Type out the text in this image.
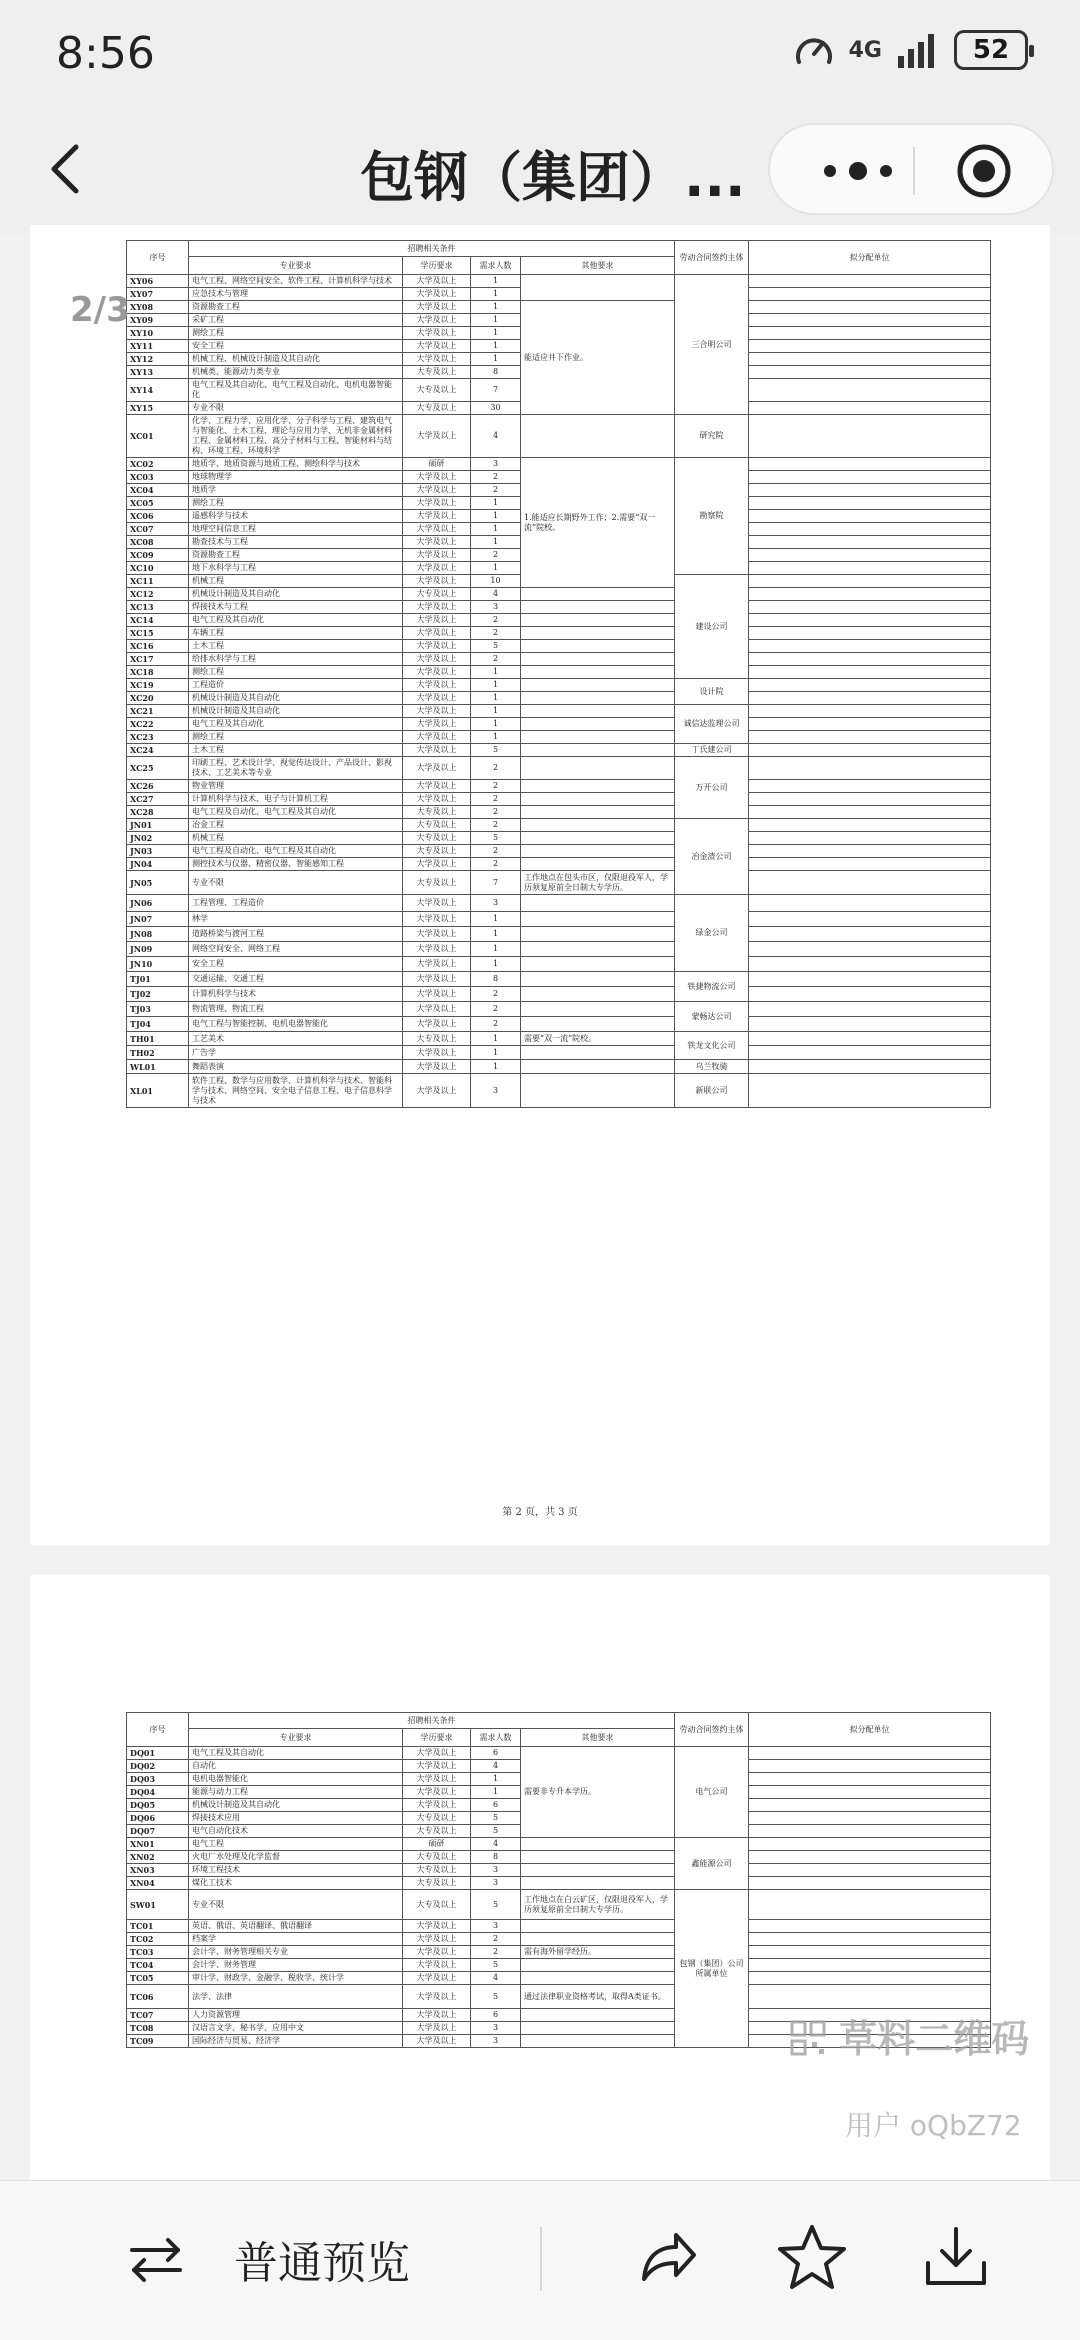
8:56	4G	52
包钢（集团）...
序号	招聘相关条件				劳动合同签约主体	拟分配单位
	专业要求	学历要求	需求人数	其他要求		
XY06	电气工程、网络空间安全、软件工程、计算机科学与技术	大学及以上	1		三合明公司	
XY07	应急技术与管理	大学及以上	1			
XY08	资源勘查工程	大学及以上	1	能适应井下作业。		
XY09	采矿工程	大学及以上	1			
XY10	测绘工程	大学及以上	1			
XY11	安全工程	大学及以上	1			
XY12	机械工程、机械设计制造及其自动化	大学及以上	1			
XY13	机械类、能源动力类专业	大专及以上	8			
XY14	电气工程及其自动化、电气工程及自动化、电机电器智能化	大专及以上	7			
XY15	专业不限	大专及以上	30			
XC01	化学、工程力学、应用化学、分子科学与工程、建筑电气与智能化、土木工程、理论与应用力学、无机非金属材料工程、金属材料工程、高分子材料与工程、智能材料与结构、环境工程、环境科学	大学及以上	4		研究院	
XC02	地质学、地质资源与地质工程、测绘科学与技术	硕研	3	1.能适应长期野外工作；2.需要“双一流”院校。	勘察院	
XC03	地球物理学	大学及以上	2			
XC04	地质学	大学及以上	2			
XC05	测绘工程	大学及以上	1			
XC06	遥感科学与技术	大学及以上	1			
XC07	地理空间信息工程	大学及以上	1			
XC08	勘查技术与工程	大学及以上	1			
XC09	资源勘查工程	大学及以上	2			
XC10	地下水科学与工程	大学及以上	1			
XC11	机械工程	大学及以上	10		建设公司	
XC12	机械设计制造及其自动化	大专及以上	4			
XC13	焊接技术与工程	大学及以上	3			
XC14	电气工程及其自动化	大学及以上	2			
XC15	车辆工程	大学及以上	2			
XC16	土木工程	大学及以上	5			
XC17	给排水科学与工程	大学及以上	2			
XC18	测绘工程	大学及以上	1			
XC19	工程造价	大学及以上	1		设计院	
XC20	机械设计制造及其自动化	大学及以上	1			
XC21	机械设计制造及其自动化	大学及以上	1		诚信达监理公司	
XC22	电气工程及其自动化	大学及以上	1			
XC23	测绘工程	大学及以上	1			
XC24	土木工程	大学及以上	5		丁氏建公司	
XC25	印刷工程、艺术设计学、视觉传达设计、产品设计、影视技术、工艺美术等专业	大学及以上	2		万开公司	
XC26	物业管理	大学及以上	2			
XC27	计算机科学与技术、电子与计算机工程	大学及以上	2			
XC28	电气工程及自动化、电气工程及其自动化	大专及以上	2			
JN01	冶金工程	大专及以上	2		冶金渣公司	
JN02	机械工程	大专及以上	5			
JN03	电气工程及自动化、电气工程及其自动化	大专及以上	2			
JN04	测控技术与仪器、精密仪器、智能感知工程	大学及以上	2			
JN05	专业不限	大专及以上	7	工作地点在包头市区，仅限退役军人，学历须复原前全日制大专学历。		
JN06	工程管理、工程造价	大学及以上	3		绿金公司	
JN07	林学	大学及以上	1			
JN08	道路桥梁与渡河工程	大学及以上	1			
JN09	网络空间安全、网络工程	大学及以上	1			
JN10	安全工程	大学及以上	1			
TJ01	交通运输、交通工程	大学及以上	8		铁捷物流公司	
TJ02	计算机科学与技术	大学及以上	2			
TJ03	物流管理、物流工程	大学及以上	2		蒙畅达公司	
TJ04	电气工程与智能控制、电机电器智能化	大学及以上	2			
TH01	工艺美术	大专及以上	1	需要“双一流”院校。	铁龙文化公司	
TH02	广告学	大学及以上	1			
WL01	舞蹈表演	大学及以上	1		乌兰牧骑	
XL01	软件工程、数学与应用数学、计算机科学与技术、智能科学与技术、网络空间、安全电子信息工程、电子信息科学与技术	大学及以上	3		新联公司	
第 2 页，共 3 页
2/3
序号	招聘相关条件				劳动合同签约主体	拟分配单位
	专业要求	学历要求	需求人数	其他要求		
DQ01	电气工程及其自动化	大学及以上	6	需要非专升本学历。	电气公司	
DQ02	自动化	大学及以上	4			
DQ03	电机电器智能化	大学及以上	1			
DQ04	能源与动力工程	大学及以上	1			
DQ05	机械设计制造及其自动化	大学及以上	6			
DQ06	焊接技术应用	大专及以上	5			
DQ07	电气自动化技术	大专及以上	5			
XN01	电气工程	硕研	4		鑫能源公司	
XN02	火电厂水处理及化学监督	大专及以上	8			
XN03	环境工程技术	大专及以上	3			
XN04	煤化工技术	大专及以上	3			
SW01	专业不限	大专及以上	5	工作地点在白云矿区，仅限退役军人，学历须复原前全日制大专学历。	包钢（集团）公司所属单位	
TC01	英语、俄语、英语翻译、俄语翻译	大学及以上	3			
TC02	档案学	大学及以上	2			
TC03	会计学、财务管理相关专业	大学及以上	2	需有海外留学经历。		
TC04	会计学、财务管理	大学及以上	5			
TC05	审计学、财政学、金融学、税收学、统计学	大学及以上	4			
TC06	法学、法律	大学及以上	5	通过法律职业资格考试，取得A类证书。		
TC07	人力资源管理	大学及以上	6			
TC08	汉语言文学、秘书学、应用中文	大学及以上	3			
TC09	国际经济与贸易、经济学	大学及以上	3				草料二维码
用户 oQbZ72
普通预览
